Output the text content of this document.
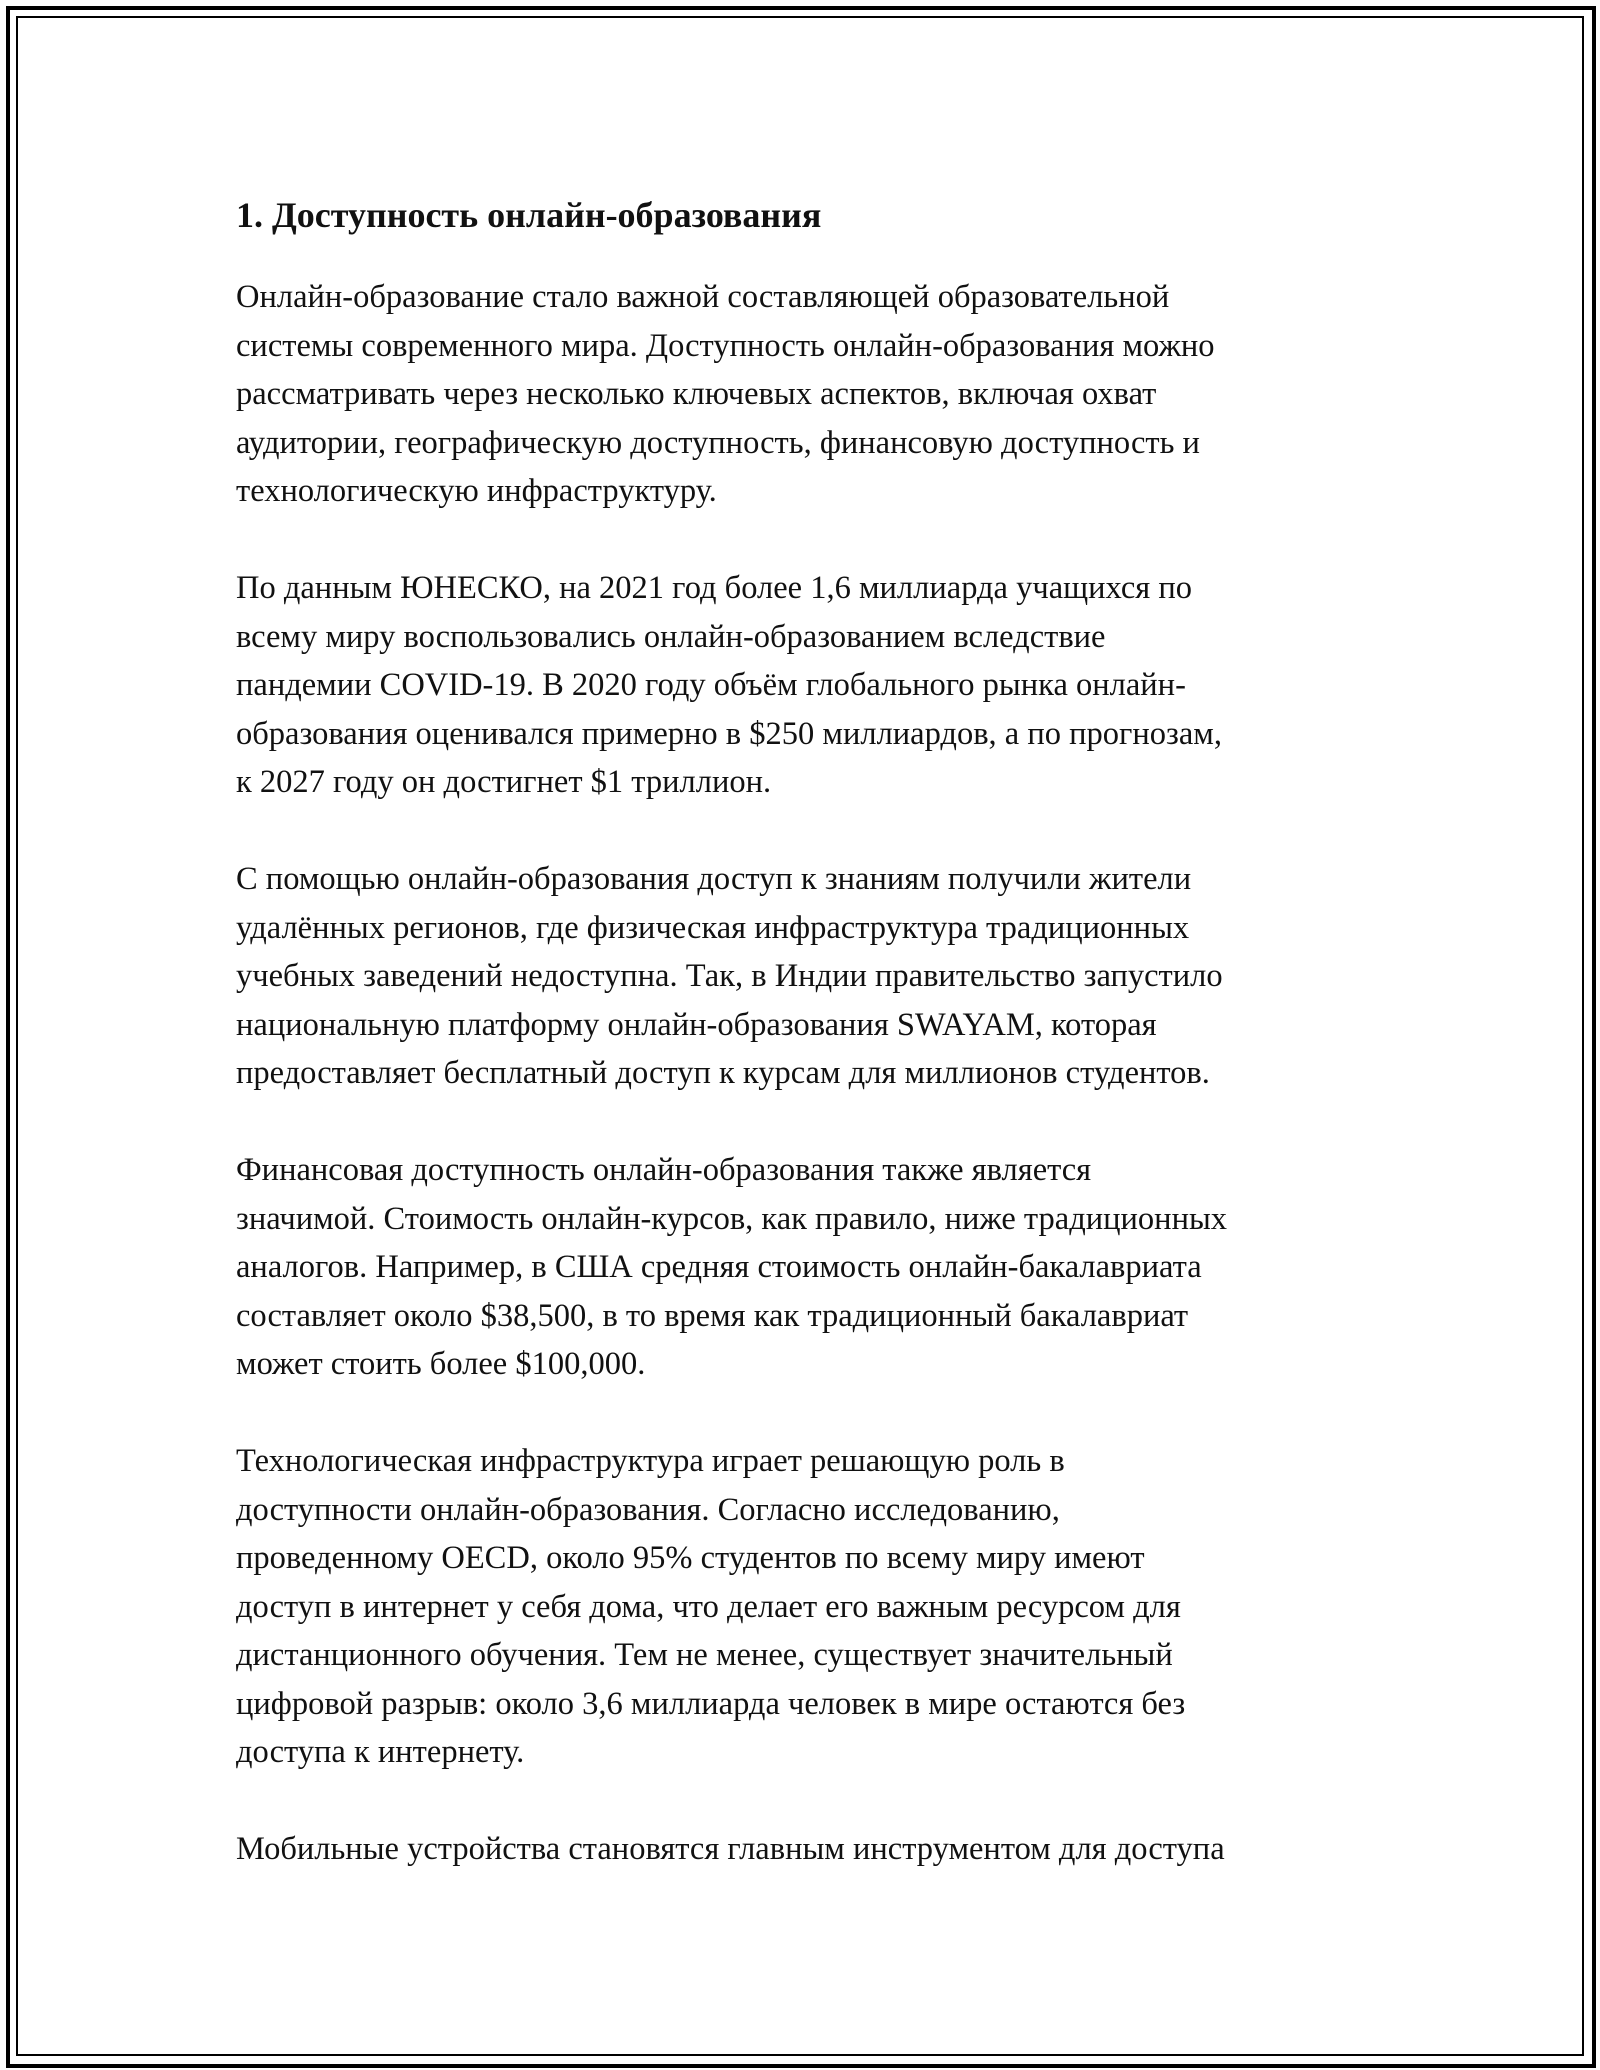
1. Доступность онлайн-образования

Онлайн-образование стало важной составляющей образовательной
системы современного мира. Доступность онлайн-образования можно
рассматривать через несколько ключевых аспектов, включая охват
аудитории, географическую доступность, финансовую доступность и
технологическую инфраструктуру.

По данным ЮНЕСКО, на 2021 год более 1,6 миллиарда учащихся по
всему миру воспользовались онлайн-образованием вследствие
пандемии COVID-19. В 2020 году объём глобального рынка онлайн-
образования оценивался примерно в $250 миллиардов, а по прогнозам,
к 2027 году он достигнет $1 триллион.

С помощью онлайн-образования доступ к знаниям получили жители
удалённых регионов, где физическая инфраструктура традиционных
учебных заведений недоступна. Так, в Индии правительство запустило
национальную платформу онлайн-образования SWAYAM, которая
предоставляет бесплатный доступ к курсам для миллионов студентов.

Финансовая доступность онлайн-образования также является
значимой. Стоимость онлайн-курсов, как правило, ниже традиционных
аналогов. Например, в США средняя стоимость онлайн-бакалавриата
составляет около $38,500, в то время как традиционный бакалавриат
может стоить более $100,000.

Технологическая инфраструктура играет решающую роль в
доступности онлайн-образования. Согласно исследованию,
проведенному OECD, около 95% студентов по всему миру имеют
доступ в интернет у себя дома, что делает его важным ресурсом для
дистанционного обучения. Тем не менее, существует значительный
цифровой разрыв: около 3,6 миллиарда человек в мире остаются без
доступа к интернету.

Мобильные устройства становятся главным инструментом для доступа
